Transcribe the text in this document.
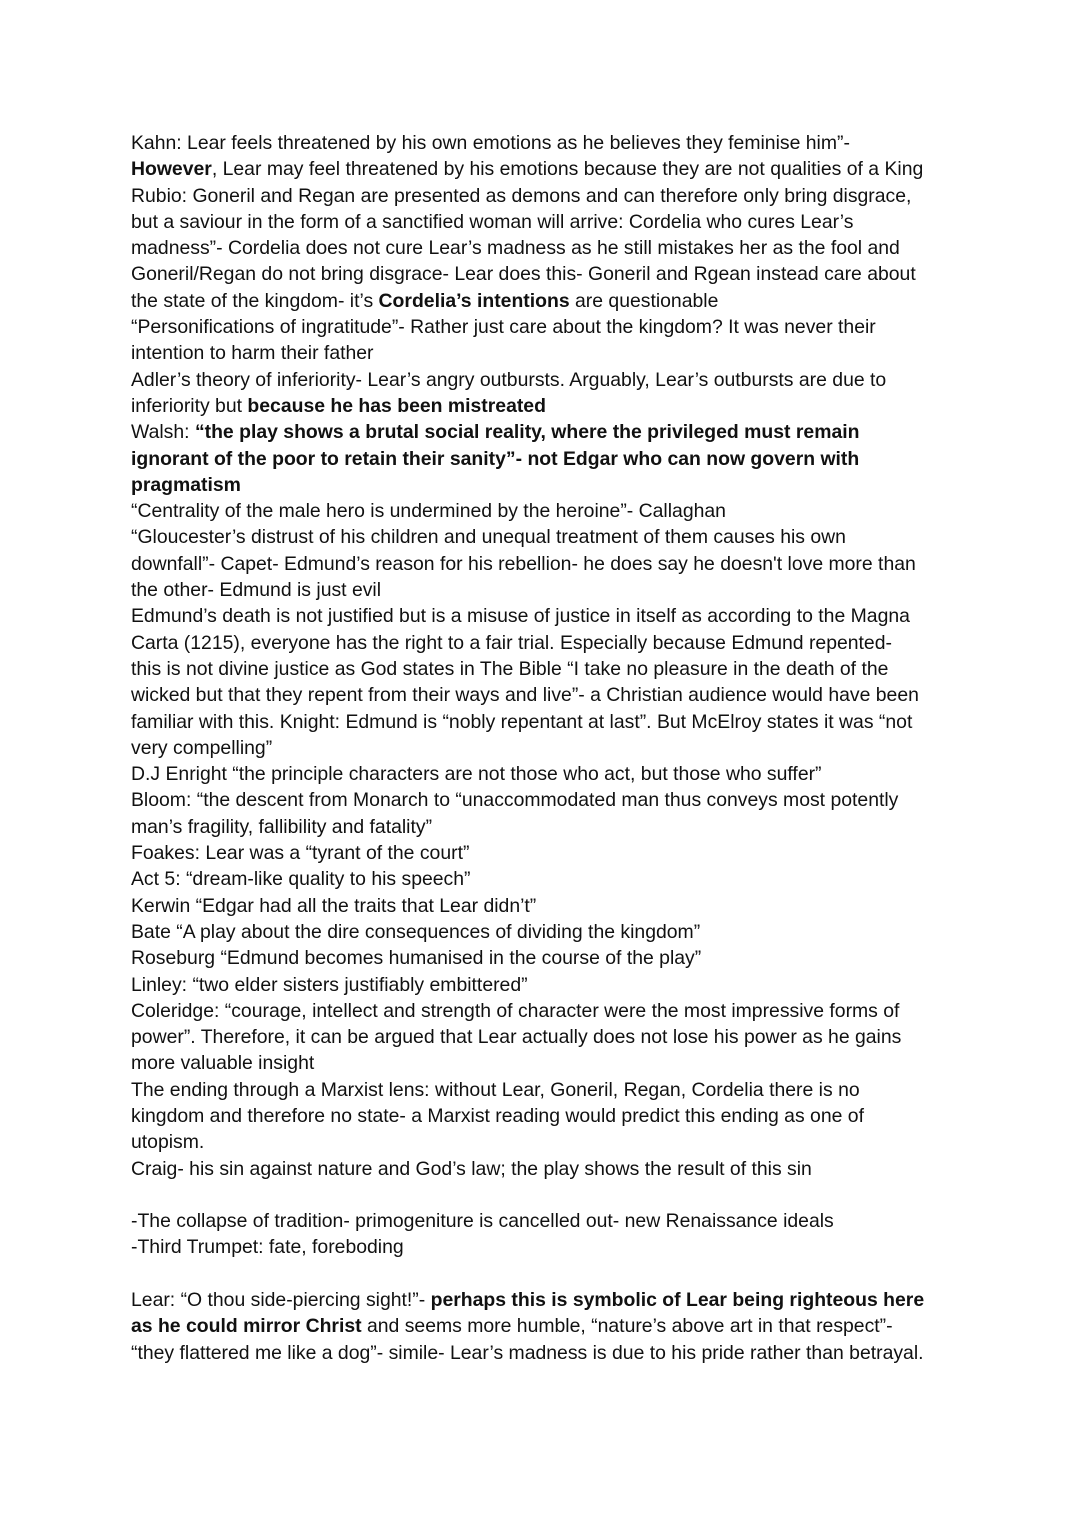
Kahn: Lear feels threatened by his own emotions as he believes they feminise him”-
However, Lear may feel threatened by his emotions because they are not qualities of a King
Rubio: Goneril and Regan are presented as demons and can therefore only bring disgrace,
but a saviour in the form of a sanctified woman will arrive: Cordelia who cures Lear’s
madness”- Cordelia does not cure Lear’s madness as he still mistakes her as the fool and
Goneril/Regan do not bring disgrace- Lear does this- Goneril and Rgean instead care about
the state of the kingdom- it’s Cordelia’s intentions are questionable
“Personifications of ingratitude”- Rather just care about the kingdom? It was never their
intention to harm their father
Adler’s theory of inferiority- Lear’s angry outbursts. Arguably, Lear’s outbursts are due to
inferiority but because he has been mistreated
Walsh: “the play shows a brutal social reality, where the privileged must remain
ignorant of the poor to retain their sanity”- not Edgar who can now govern with
pragmatism
“Centrality of the male hero is undermined by the heroine”- Callaghan
“Gloucester’s distrust of his children and unequal treatment of them causes his own
downfall”- Capet- Edmund’s reason for his rebellion- he does say he doesn't love more than
the other- Edmund is just evil
Edmund’s death is not justified but is a misuse of justice in itself as according to the Magna
Carta (1215), everyone has the right to a fair trial. Especially because Edmund repented-
this is not divine justice as God states in The Bible “I take no pleasure in the death of the
wicked but that they repent from their ways and live”- a Christian audience would have been
familiar with this. Knight: Edmund is “nobly repentant at last”. But McElroy states it was “not
very compelling”
D.J Enright “the principle characters are not those who act, but those who suffer”
Bloom: “the descent from Monarch to “unaccommodated man thus conveys most potently
man’s fragility, fallibility and fatality”
Foakes: Lear was a “tyrant of the court”
Act 5: “dream-like quality to his speech”
Kerwin “Edgar had all the traits that Lear didn’t”
Bate “A play about the dire consequences of dividing the kingdom”
Roseburg “Edmund becomes humanised in the course of the play”
Linley: “two elder sisters justifiably embittered”
Coleridge: “courage, intellect and strength of character were the most impressive forms of
power”. Therefore, it can be argued that Lear actually does not lose his power as he gains
more valuable insight
The ending through a Marxist lens: without Lear, Goneril, Regan, Cordelia there is no
kingdom and therefore no state- a Marxist reading would predict this ending as one of
utopism.
Craig- his sin against nature and God’s law; the play shows the result of this sin
-The collapse of tradition- primogeniture is cancelled out- new Renaissance ideals
-Third Trumpet: fate, foreboding
Lear: “O thou side-piercing sight!”- perhaps this is symbolic of Lear being righteous here
as he could mirror Christ and seems more humble, “nature’s above art in that respect”-
“they flattered me like a dog”- simile- Lear’s madness is due to his pride rather than betrayal.
